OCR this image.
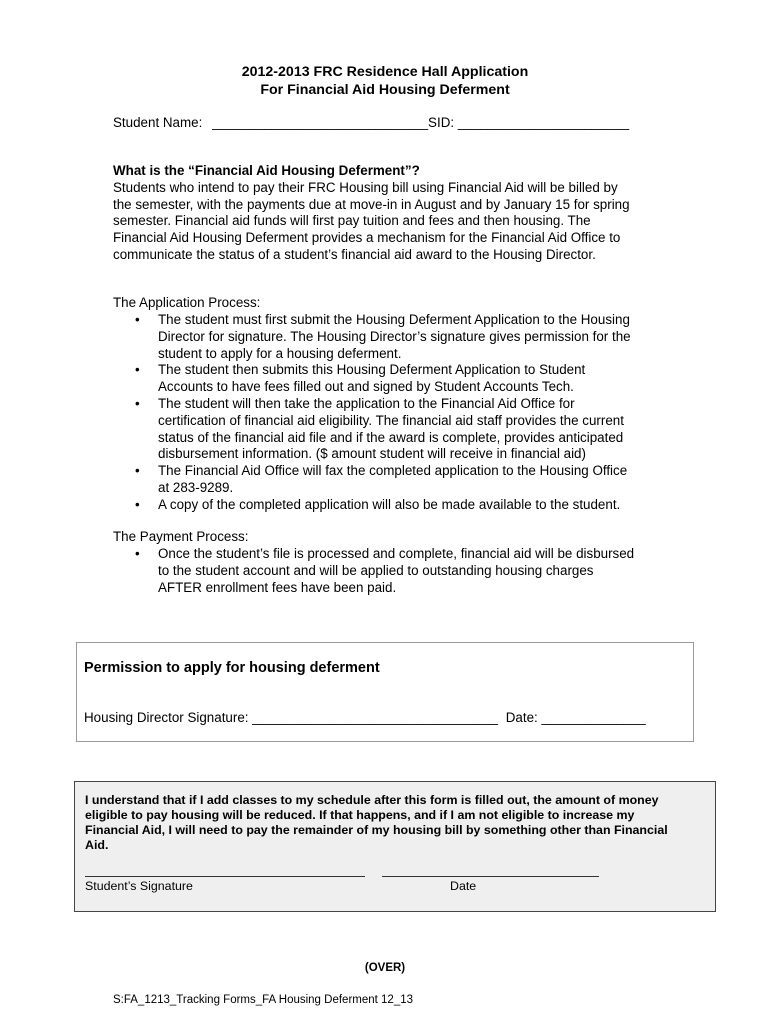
2012-2013 FRC Residence Hall Application
For Financial Aid Housing Deferment
Student Name: _____________________________SID: _______________________
What is the “Financial Aid Housing Deferment”?
Students who intend to pay their FRC Housing bill using Financial Aid will be billed by
the semester, with the payments due at move-in in August and by January 15 for spring
semester. Financial aid funds will first pay tuition and fees and then housing. The
Financial Aid Housing Deferment provides a mechanism for the Financial Aid Office to
communicate the status of a student’s financial aid award to the Housing Director.
The Application Process:
• The student must first submit the Housing Deferment Application to the Housing
Director for signature. The Housing Director’s signature gives permission for the
student to apply for a housing deferment.
• The student then submits this Housing Deferment Application to Student
Accounts to have fees filled out and signed by Student Accounts Tech.
• The student will then take the application to the Financial Aid Office for
certification of financial aid eligibility. The financial aid staff provides the current
status of the financial aid file and if the award is complete, provides anticipated
disbursement information. ($ amount student will receive in financial aid)
• The Financial Aid Office will fax the completed application to the Housing Office
at 283-9289.
• A copy of the completed application will also be made available to the student.
The Payment Process:
• Once the student’s file is processed and complete, financial aid will be disbursed
to the student account and will be applied to outstanding housing charges
AFTER enrollment fees have been paid.
Permission to apply for housing deferment
Housing Director Signature: _________________________________ Date: ______________
I understand that if I add classes to my schedule after this form is filled out, the amount of money
eligible to pay housing will be reduced. If that happens, and if I am not eligible to increase my
Financial Aid, I will need to pay the remainder of my housing bill by something other than Financial
Aid.
Student’s Signature	Date
(OVER)
S:FA_1213_Tracking Forms_FA Housing Deferment 12_13
